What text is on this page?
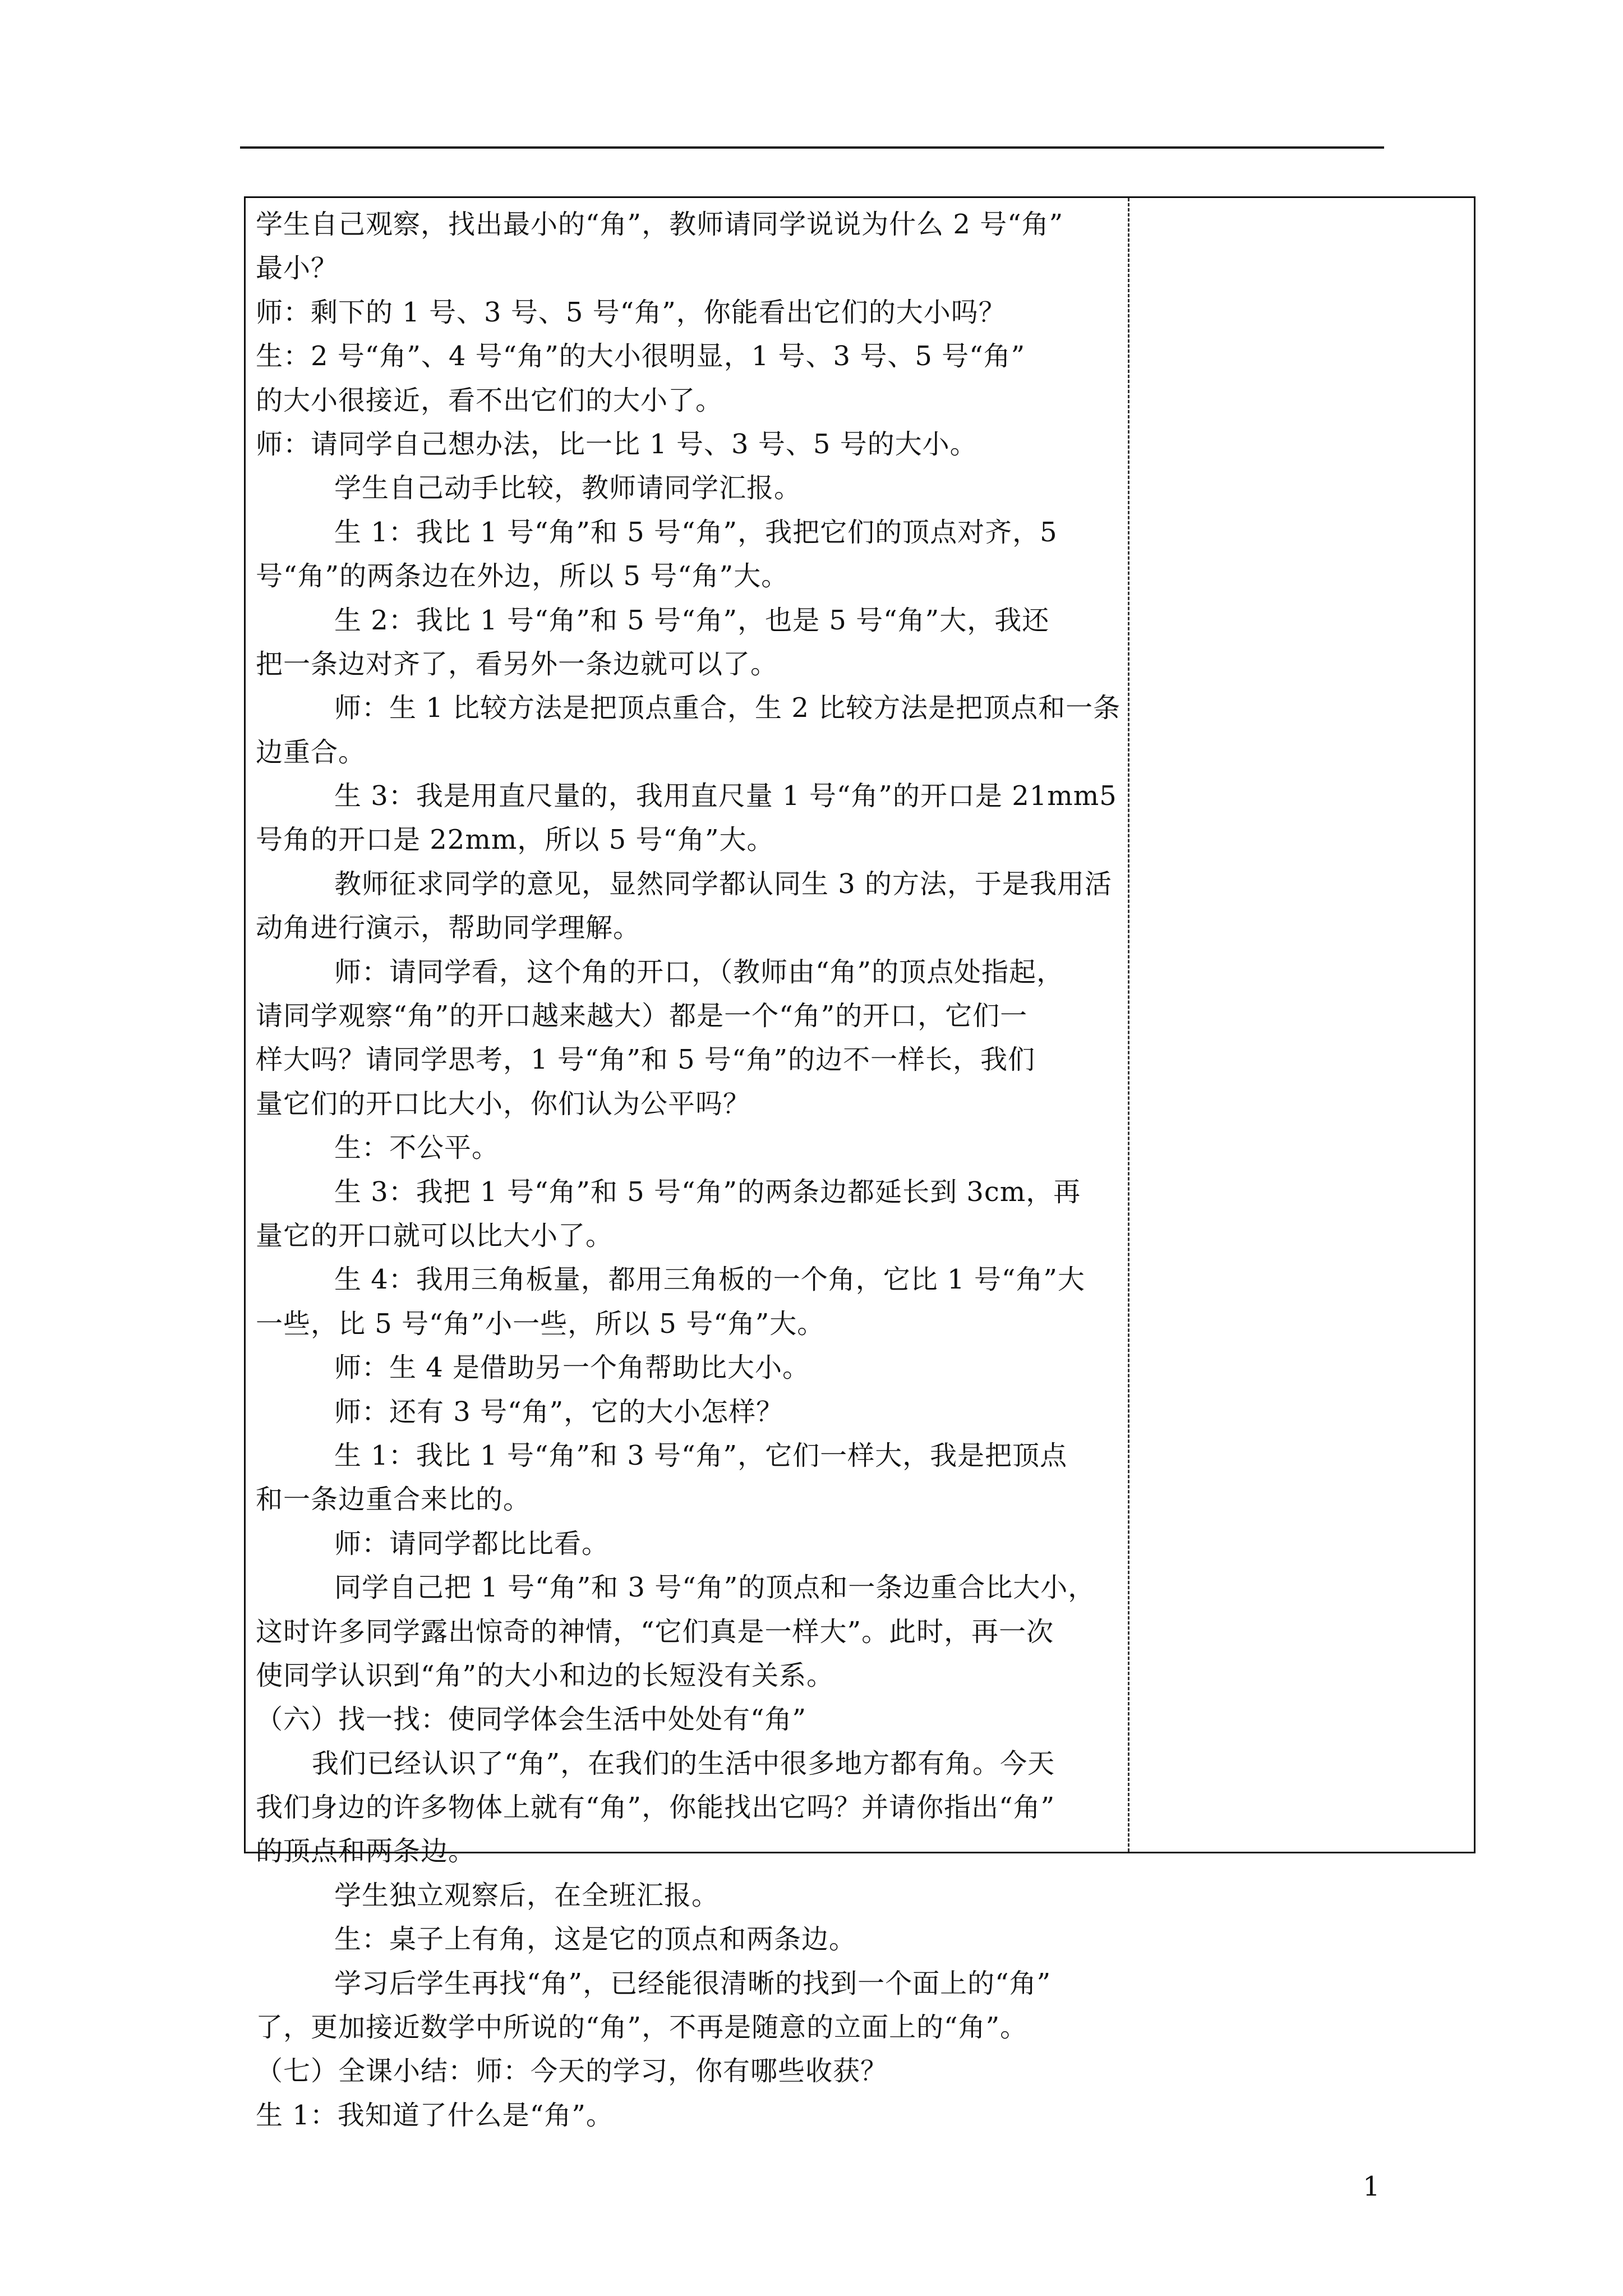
学生自己观察，找出最小的“角”，教师请同学说说为什么 2 号“角”
最小？
师：剩下的 1 号、3 号、5 号“角”，你能看出它们的大小吗？
生：2 号“角”、4 号“角”的大小很明显，1 号、3 号、5 号“角”
的大小很接近，看不出它们的大小了。
师：请同学自己想办法，比一比 1 号、3 号、5 号的大小。
学生自己动手比较，教师请同学汇报。
生 1：我比 1 号“角”和 5 号“角”，我把它们的顶点对齐，5
号“角”的两条边在外边，所以 5 号“角”大。
生 2：我比 1 号“角”和 5 号“角”，也是 5 号“角”大，我还
把一条边对齐了，看另外一条边就可以了。
师：生 1 比较方法是把顶点重合，生 2 比较方法是把顶点和一条
边重合。
生 3：我是用直尺量的，我用直尺量 1 号“角”的开口是 21mm5
号角的开口是 22mm，所以 5 号“角”大。
教师征求同学的意见，显然同学都认同生 3 的方法，于是我用活
动角进行演示，帮助同学理解。
师：请同学看，这个角的开口，（教师由“角”的顶点处指起，
请同学观察“角”的开口越来越大）都是一个“角”的开口，它们一
样大吗？请同学思考，1 号“角”和 5 号“角”的边不一样长，我们
量它们的开口比大小，你们认为公平吗？
生：不公平。
生 3：我把 1 号“角”和 5 号“角”的两条边都延长到 3cm，再
量它的开口就可以比大小了。
生 4：我用三角板量，都用三角板的一个角，它比 1 号“角”大
一些，比 5 号“角”小一些，所以 5 号“角”大。
师：生 4 是借助另一个角帮助比大小。
师：还有 3 号“角”，它的大小怎样？
生 1：我比 1 号“角”和 3 号“角”，它们一样大，我是把顶点
和一条边重合来比的。
师：请同学都比比看。
同学自己把 1 号“角”和 3 号“角”的顶点和一条边重合比大小，
这时许多同学露出惊奇的神情，“它们真是一样大”。此时，再一次
使同学认识到“角”的大小和边的长短没有关系。
（六）找一找：使同学体会生活中处处有“角”
我们已经认识了“角”，在我们的生活中很多地方都有角。今天
我们身边的许多物体上就有“角”，你能找出它吗？并请你指出“角”
的顶点和两条边。
学生独立观察后，在全班汇报。
生：桌子上有角，这是它的顶点和两条边。
学习后学生再找“角”，已经能很清晰的找到一个面上的“角”
了，更加接近数学中所说的“角”，不再是随意的立面上的“角”。
（七）全课小结：师：今天的学习，你有哪些收获？
生 1：我知道了什么是“角”。
1
